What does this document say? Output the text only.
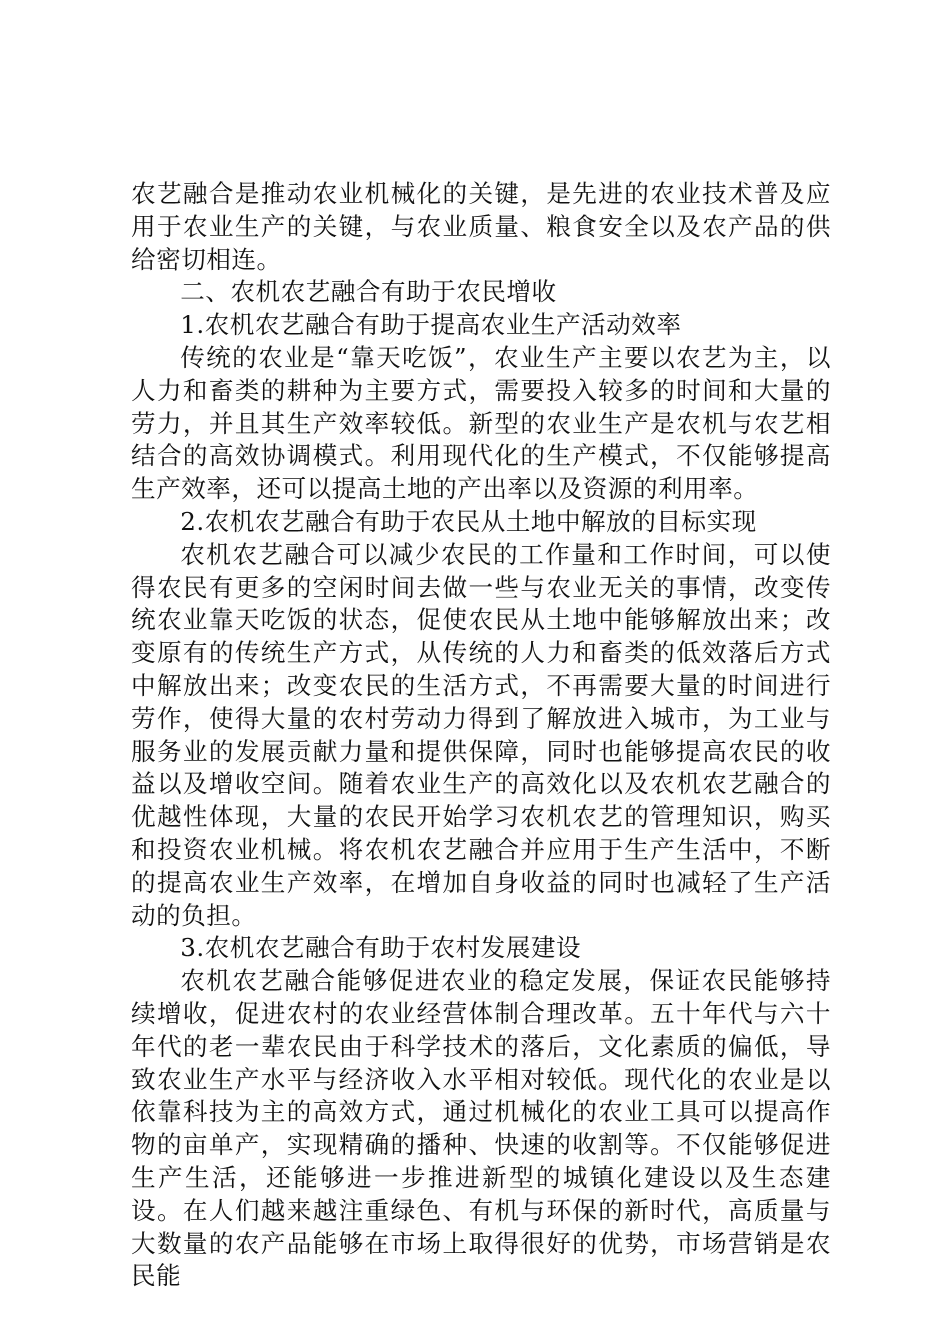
农艺融合是推动农业机械化的关键，是先进的农业技术普及应用于农业生产的关键，与农业质量、粮食安全以及农产品的供给密切相连。

二、农机农艺融合有助于农民增收

1.农机农艺融合有助于提高农业生产活动效率

传统的农业是“靠天吃饭”，农业生产主要以农艺为主，以人力和畜类的耕种为主要方式，需要投入较多的时间和大量的劳力，并且其生产效率较低。新型的农业生产是农机与农艺相结合的高效协调模式。利用现代化的生产模式，不仅能够提高生产效率，还可以提高土地的产出率以及资源的利用率。

2.农机农艺融合有助于农民从土地中解放的目标实现

农机农艺融合可以减少农民的工作量和工作时间，可以使得农民有更多的空闲时间去做一些与农业无关的事情，改变传统农业靠天吃饭的状态，促使农民从土地中能够解放出来；改变原有的传统生产方式，从传统的人力和畜类的低效落后方式中解放出来；改变农民的生活方式，不再需要大量的时间进行劳作，使得大量的农村劳动力得到了解放进入城市，为工业与服务业的发展贡献力量和提供保障，同时也能够提高农民的收益以及增收空间。随着农业生产的高效化以及农机农艺融合的优越性体现，大量的农民开始学习农机农艺的管理知识，购买和投资农业机械。将农机农艺融合并应用于生产生活中，不断的提高农业生产效率，在增加自身收益的同时也减轻了生产活动的负担。

3.农机农艺融合有助于农村发展建设

农机农艺融合能够促进农业的稳定发展，保证农民能够持续增收，促进农村的农业经营体制合理改革。五十年代与六十年代的老一辈农民由于科学技术的落后，文化素质的偏低，导致农业生产水平与经济收入水平相对较低。现代化的农业是以依靠科技为主的高效方式，通过机械化的农业工具可以提高作物的亩单产，实现精确的播种、快速的收割等。不仅能够促进生产生活，还能够进一步推进新型的城镇化建设以及生态建设。在人们越来越注重绿色、有机与环保的新时代，高质量与大数量的农产品能够在市场上取得很好的优势，市场营销是农民能
